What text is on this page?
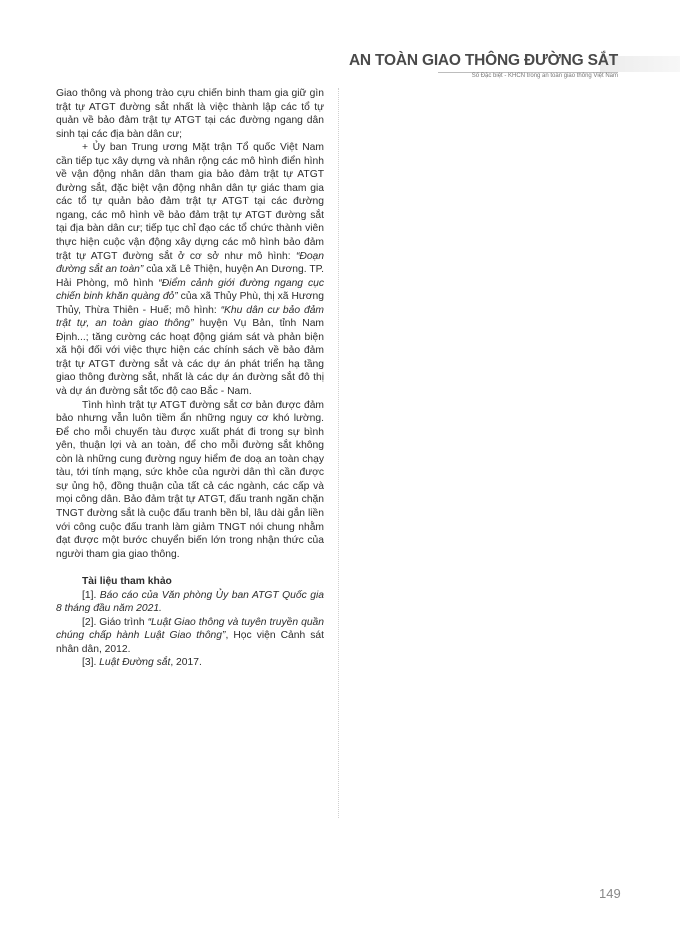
AN TOÀN GIAO THÔNG ĐƯỜNG SẮT
Số Đặc biệt - KHCN trong an toàn giao thông Việt Nam

Giao thông và phong trào cựu chiến binh tham gia giữ gìn trật tự ATGT đường sắt nhất là việc thành lập các tổ tự quản về bảo đảm trật tự ATGT tại các đường ngang dân sinh tại các địa bàn dân cư;

+ Ủy ban Trung ương Mặt trận Tổ quốc Việt Nam cần tiếp tục xây dựng và nhân rộng các mô hình điển hình về vận động nhân dân tham gia bảo đảm trật tự ATGT đường sắt, đặc biệt vận động nhân dân tự giác tham gia các tổ tự quản bảo đảm trật tự ATGT tại các đường ngang, các mô hình về bảo đảm trật tự ATGT đường sắt tại địa bàn dân cư; tiếp tục chỉ đạo các tổ chức thành viên thực hiện cuộc vận động xây dựng các mô hình bảo đảm trật tự ATGT đường sắt ở cơ sở như mô hình: “Đoạn đường sắt an toàn” của xã Lê Thiện, huyện An Dương. TP. Hải Phòng, mô hình “Điểm cảnh giới đường ngang cục chiến binh khăn quàng đỏ” của xã Thủy Phù, thị xã Hương Thủy, Thừa Thiên - Huế; mô hình: “Khu dân cư bảo đảm trật tự, an toàn giao thông” huyện Vụ Bản, tỉnh Nam Định...; tăng cường các hoạt động giám sát và phản biện xã hội đối với việc thực hiện các chính sách về bảo đảm trật tự ATGT đường sắt và các dự án phát triển hạ tầng giao thông đường sắt, nhất là các dự án đường sắt đô thị và dự án đường sắt tốc độ cao Bắc - Nam.

Tình hình trật tự ATGT đường sắt cơ bản được đảm bảo nhưng vẫn luôn tiềm ẩn những nguy cơ khó lường. Để cho mỗi chuyến tàu được xuất phát đi trong sự bình yên, thuận lợi và an toàn, để cho mỗi đường sắt không còn là những cung đường nguy hiểm đe doạ an toàn chạy tàu, tới tính mạng, sức khỏe của người dân thì cần được sự ủng hộ, đồng thuận của tất cả các ngành, các cấp và mọi công dân. Bảo đảm trật tự ATGT, đấu tranh ngăn chặn TNGT đường sắt là cuộc đấu tranh bền bỉ, lâu dài gắn liền với công cuộc đấu tranh làm giảm TNGT nói chung nhằm đạt được một bước chuyển biến lớn trong nhận thức của người tham gia giao thông.

Tài liệu tham khảo

[1]. Báo cáo của Văn phòng Ủy ban ATGT Quốc gia 8 tháng đầu năm 2021.

[2]. Giáo trình “Luật Giao thông và tuyên truyền quần chúng chấp hành Luật Giao thông”, Học viện Cảnh sát nhân dân, 2012.

[3]. Luật Đường sắt, 2017.

149
